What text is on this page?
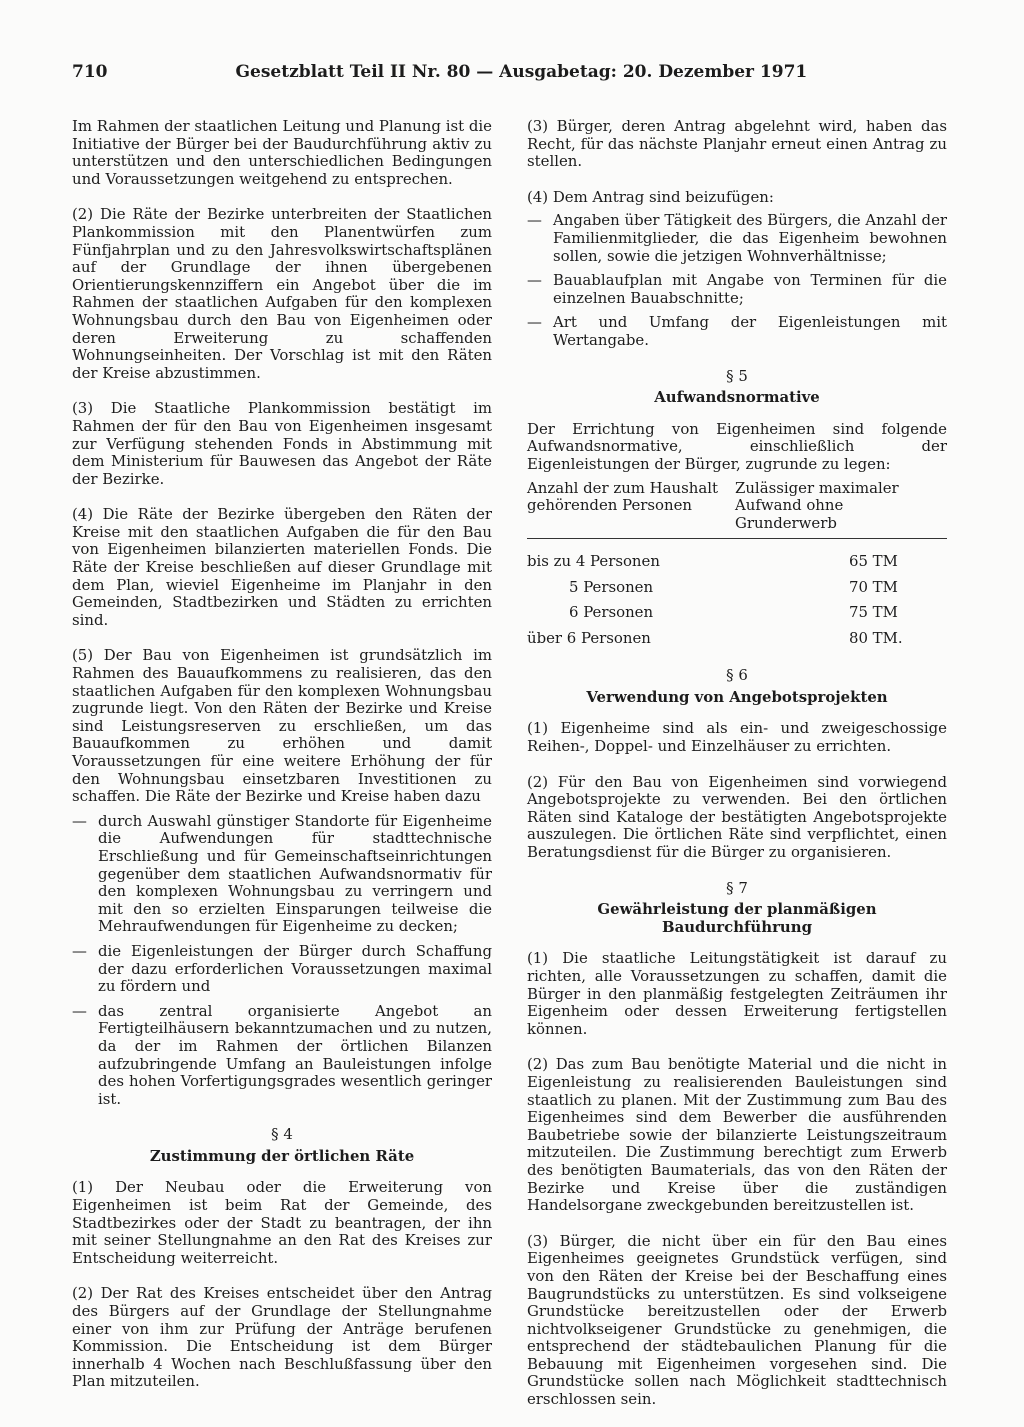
710	Gesetzblatt Teil II Nr. 80 — Ausgabetag: 20. Dezember 1971

Im Rahmen der staatlichen Leitung und Planung ist die Initiative der Bürger bei der Baudurchführung aktiv zu unterstützen und den unterschiedlichen Bedingungen und Voraussetzungen weitgehend zu entsprechen.

(2) Die Räte der Bezirke unterbreiten der Staatlichen Plankommission mit den Planentwürfen zum Fünfjahrplan und zu den Jahresvolkswirtschaftsplänen auf der Grundlage der ihnen übergebenen Orientierungskennziffern ein Angebot über die im Rahmen der staatlichen Aufgaben für den komplexen Wohnungsbau durch den Bau von Eigenheimen oder deren Erweiterung zu schaffenden Wohnungseinheiten. Der Vorschlag ist mit den Räten der Kreise abzustimmen.

(3) Die Staatliche Plankommission bestätigt im Rahmen der für den Bau von Eigenheimen insgesamt zur Verfügung stehenden Fonds in Abstimmung mit dem Ministerium für Bauwesen das Angebot der Räte der Bezirke.

(4) Die Räte der Bezirke übergeben den Räten der Kreise mit den staatlichen Aufgaben die für den Bau von Eigenheimen bilanzierten materiellen Fonds. Die Räte der Kreise beschließen auf dieser Grundlage mit dem Plan, wieviel Eigenheime im Planjahr in den Gemeinden, Stadtbezirken und Städten zu errichten sind.

(5) Der Bau von Eigenheimen ist grundsätzlich im Rahmen des Bauaufkommens zu realisieren, das den staatlichen Aufgaben für den komplexen Wohnungsbau zugrunde liegt. Von den Räten der Bezirke und Kreise sind Leistungsreserven zu erschließen, um das Bauaufkommen zu erhöhen und damit Voraussetzungen für eine weitere Erhöhung der für den Wohnungsbau einsetzbaren Investitionen zu schaffen. Die Räte der Bezirke und Kreise haben dazu

— durch Auswahl günstiger Standorte für Eigenheime die Aufwendungen für stadttechnische Erschließung und für Gemeinschaftseinrichtungen gegenüber dem staatlichen Aufwandsnormativ für den komplexen Wohnungsbau zu verringern und mit den so erzielten Einsparungen teilweise die Mehraufwendungen für Eigenheime zu decken;
— die Eigenleistungen der Bürger durch Schaffung der dazu erforderlichen Voraussetzungen maximal zu fördern und
— das zentral organisierte Angebot an Fertigteilhäusern bekanntzumachen und zu nutzen, da der im Rahmen der örtlichen Bilanzen aufzubringende Umfang an Bauleistungen infolge des hohen Vorfertigungsgrades wesentlich geringer ist.
§ 4
Zustimmung der örtlichen Räte

(1) Der Neubau oder die Erweiterung von Eigenheimen ist beim Rat der Gemeinde, des Stadtbezirkes oder der Stadt zu beantragen, der ihn mit seiner Stellungnahme an den Rat des Kreises zur Entscheidung weiterreicht.

(2) Der Rat des Kreises entscheidet über den Antrag des Bürgers auf der Grundlage der Stellungnahme einer von ihm zur Prüfung der Anträge berufenen Kommission. Die Entscheidung ist dem Bürger innerhalb 4 Wochen nach Beschlußfassung über den Plan mitzuteilen.

(3) Bürger, deren Antrag abgelehnt wird, haben das Recht, für das nächste Planjahr erneut einen Antrag zu stellen.

(4) Dem Antrag sind beizufügen:

— Angaben über Tätigkeit des Bürgers, die Anzahl der Familienmitglieder, die das Eigenheim bewohnen sollen, sowie die jetzigen Wohnverhältnisse;
— Bauablaufplan mit Angabe von Terminen für die einzelnen Bauabschnitte;
— Art und Umfang der Eigenleistungen mit Wertangabe.
§ 5
Aufwandsnormative

Der Errichtung von Eigenheimen sind folgende Aufwandsnormative, einschließlich der Eigenleistungen der Bürger, zugrunde zu legen:

Anzahl der zum Haushalt gehörenden Personen
Zulässiger maximaler Aufwand ohne Grunderwerb
bis zu 4 Personen	65 TM
5 Personen	70 TM
6 Personen	75 TM
über 6 Personen	80 TM.
§ 6
Verwendung von Angebotsprojekten

(1) Eigenheime sind als ein- und zweigeschossige Reihen-, Doppel- und Einzelhäuser zu errichten.

(2) Für den Bau von Eigenheimen sind vorwiegend Angebotsprojekte zu verwenden. Bei den örtlichen Räten sind Kataloge der bestätigten Angebotsprojekte auszulegen. Die örtlichen Räte sind verpflichtet, einen Beratungsdienst für die Bürger zu organisieren.

§ 7
Gewährleistung der planmäßigen Baudurchführung

(1) Die staatliche Leitungstätigkeit ist darauf zu richten, alle Voraussetzungen zu schaffen, damit die Bürger in den planmäßig festgelegten Zeiträumen ihr Eigenheim oder dessen Erweiterung fertigstellen können.

(2) Das zum Bau benötigte Material und die nicht in Eigenleistung zu realisierenden Bauleistungen sind staatlich zu planen. Mit der Zustimmung zum Bau des Eigenheimes sind dem Bewerber die ausführenden Baubetriebe sowie der bilanzierte Leistungszeitraum mitzuteilen. Die Zustimmung berechtigt zum Erwerb des benötigten Baumaterials, das von den Räten der Bezirke und Kreise über die zuständigen Handelsorgane zweckgebunden bereitzustellen ist.

(3) Bürger, die nicht über ein für den Bau eines Eigenheimes geeignetes Grundstück verfügen, sind von den Räten der Kreise bei der Beschaffung eines Baugrundstücks zu unterstützen. Es sind volkseigene Grundstücke bereitzustellen oder der Erwerb nichtvolkseigener Grundstücke zu genehmigen, die entsprechend der städtebaulichen Planung für die Bebauung mit Eigenheimen vorgesehen sind. Die Grundstücke sollen nach Möglichkeit stadttechnisch erschlossen sein.
